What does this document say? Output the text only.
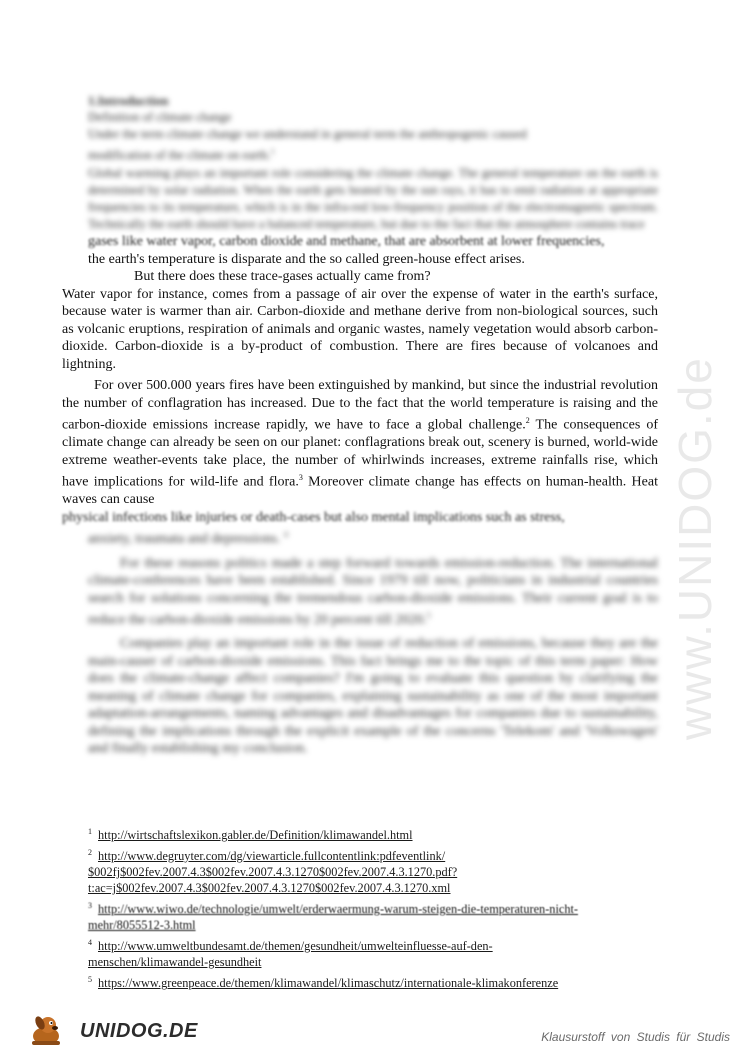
www.UNIDOG.de
1.Introduction
Definition of climate change
Under the term climate change we understand in general term the anthropogenic caused
modification of the climate on earth.$^1$

Global warming plays an important role considering the climate change. The general temperature on the earth is determined by solar radiation. When the earth gets heated by the sun rays, it has to emit radiation at appropriate frequencies to its temperature, which is in the infra-red low-frequency position of the electromagnetic spectrum. Technically the earth should have a balanced temperature, but due to the fact that the atmosphere contains trace

gases like water vapor, carbon dioxide and methane, that are absorbent at lower frequencies,

the earth's temperature is disparate and the so called green-house effect arises.

But there does these trace-gases actually came from?

Water vapor for instance, comes from a passage of air over the expense of water in the earth's surface, because water is warmer than air. Carbon-dioxide and methane derive from non-biological sources, such as volcanic eruptions, respiration of animals and organic wastes, namely vegetation would absorb carbon-dioxide. Carbon-dioxide is a by-product of combustion. There are fires because of volcanoes and lightning.

For over 500.000 years fires have been extinguished by mankind, but since the industrial revolution the number of conflagration has increased. Due to the fact that the world temperature is raising and the carbon-dioxide emissions increase rapidly, we have to face a global challenge.$^2$ The consequences of climate change can already be seen on our planet: conflagrations break out, scenery is burned, world-wide extreme weather-events take place, the number of whirlwinds increases, extreme rainfalls rise, which have implications for wild-life and flora.$^3$ Moreover climate change has effects on human-health. Heat waves can cause

physical infections like injuries or death-cases but also mental implications such as stress,

anxiety, traumata and depressions. $^4$

For these reasons politics made a step forward towards emission-reduction. The international climate-conferences have been established. Since 1979 till now, politicians in industrial countries search for solutions concerning the tremendous carbon-dioxide emissions. Their current goal is to reduce the carbon-dioxide emissions by 20 percent till 2020.$^5$

Companies play an important role in the issue of reduction of emissions, because they are the main-causer of carbon-dioxide emissions. This fact brings me to the topic of this term paper: How does the climate-change affect companies? I'm going to evaluate this question by clarifying the meaning of climate change for companies, explaining sustainability as one of the most important adaptation-arrangements, naming advantages and disadvantages for companies due to sustainability, defining the implications through the explicit example of the concerns 'Telekom' and 'Volkswagen' and finally establishing my conclusion.

$^1$ http://wirtschaftslexikon.gabler.de/Definition/klimawandel.html
$^2$ http://www.degruyter.com/dg/viewarticle.fullcontentlink:pdfeventlink/
$002fj$002fev.2007.4.3$002fev.2007.4.3.1270$002fev.2007.4.3.1270.pdf?
t:ac=j$002fev.2007.4.3$002fev.2007.4.3.1270$002fev.2007.4.3.1270.xml
$^3$ http://www.wiwo.de/technologie/umwelt/erderwaermung-warum-steigen-die-temperaturen-nicht-
mehr/8055512-3.html
$^4$ http://www.umweltbundesamt.de/themen/gesundheit/umwelteinfluesse-auf-den-
menschen/klimawandel-gesundheit
$^5$ https://www.greenpeace.de/themen/klimawandel/klimaschutz/internationale-klimakonferenze
UNIDOG.DE	Klausurstoff von Studis für Studis
